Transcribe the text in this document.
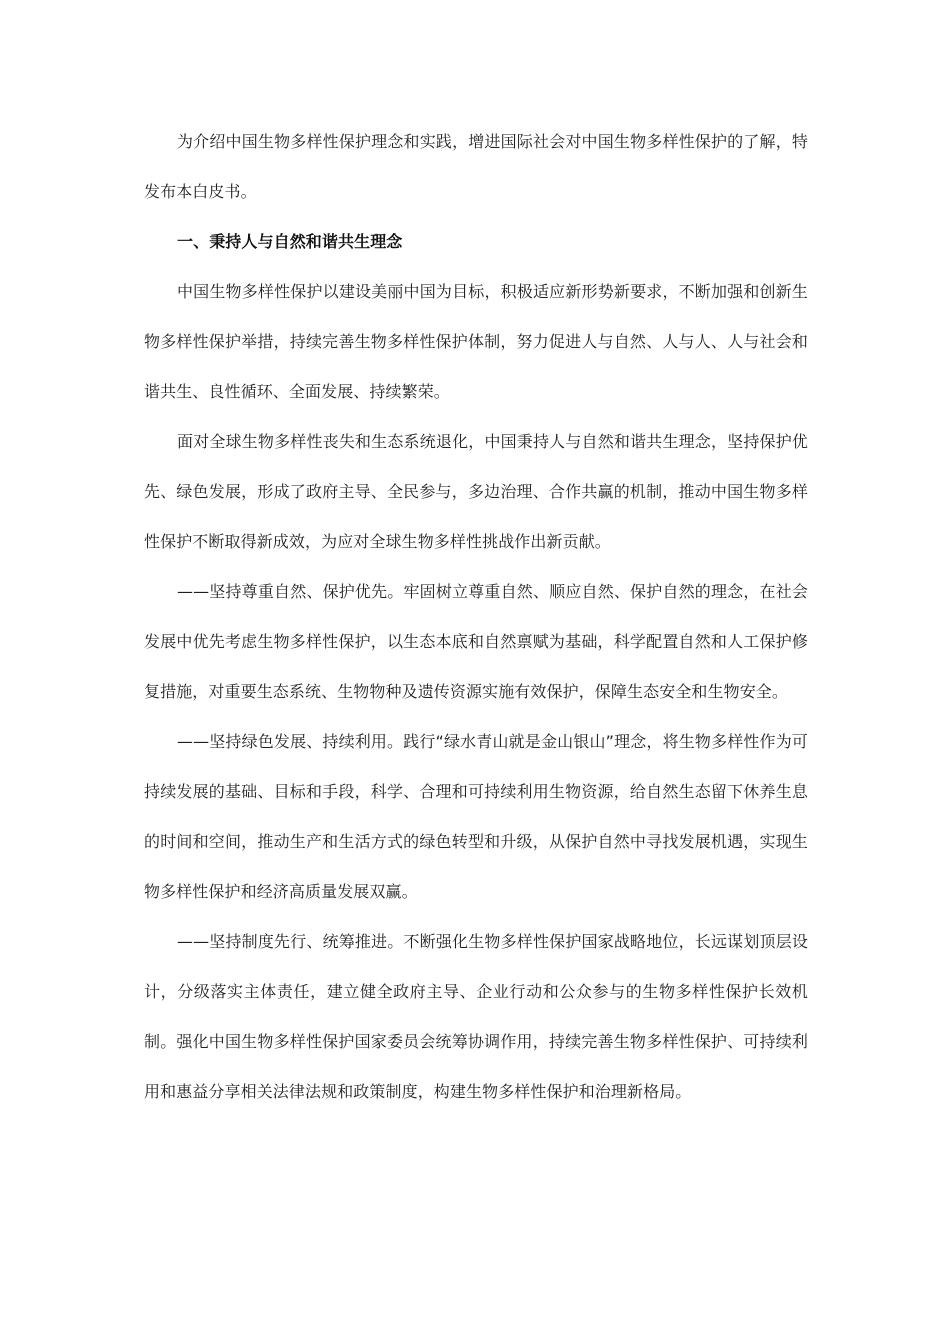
为介绍中国生物多样性保护理念和实践，增进国际社会对中国生物多样性保护的了解，特发布本白皮书。

一、秉持人与自然和谐共生理念

中国生物多样性保护以建设美丽中国为目标，积极适应新形势新要求，不断加强和创新生物多样性保护举措，持续完善生物多样性保护体制，努力促进人与自然、人与人、人与社会和谐共生、良性循环、全面发展、持续繁荣。

面对全球生物多样性丧失和生态系统退化，中国秉持人与自然和谐共生理念，坚持保护优先、绿色发展，形成了政府主导、全民参与，多边治理、合作共赢的机制，推动中国生物多样性保护不断取得新成效，为应对全球生物多样性挑战作出新贡献。

——坚持尊重自然、保护优先。牢固树立尊重自然、顺应自然、保护自然的理念，在社会发展中优先考虑生物多样性保护，以生态本底和自然禀赋为基础，科学配置自然和人工保护修复措施，对重要生态系统、生物物种及遗传资源实施有效保护，保障生态安全和生物安全。

——坚持绿色发展、持续利用。践行“绿水青山就是金山银山”理念，将生物多样性作为可持续发展的基础、目标和手段，科学、合理和可持续利用生物资源，给自然生态留下休养生息的时间和空间，推动生产和生活方式的绿色转型和升级，从保护自然中寻找发展机遇，实现生物多样性保护和经济高质量发展双赢。

——坚持制度先行、统筹推进。不断强化生物多样性保护国家战略地位，长远谋划顶层设计，分级落实主体责任，建立健全政府主导、企业行动和公众参与的生物多样性保护长效机制。强化中国生物多样性保护国家委员会统筹协调作用，持续完善生物多样性保护、可持续利用和惠益分享相关法律法规和政策制度，构建生物多样性保护和治理新格局。
